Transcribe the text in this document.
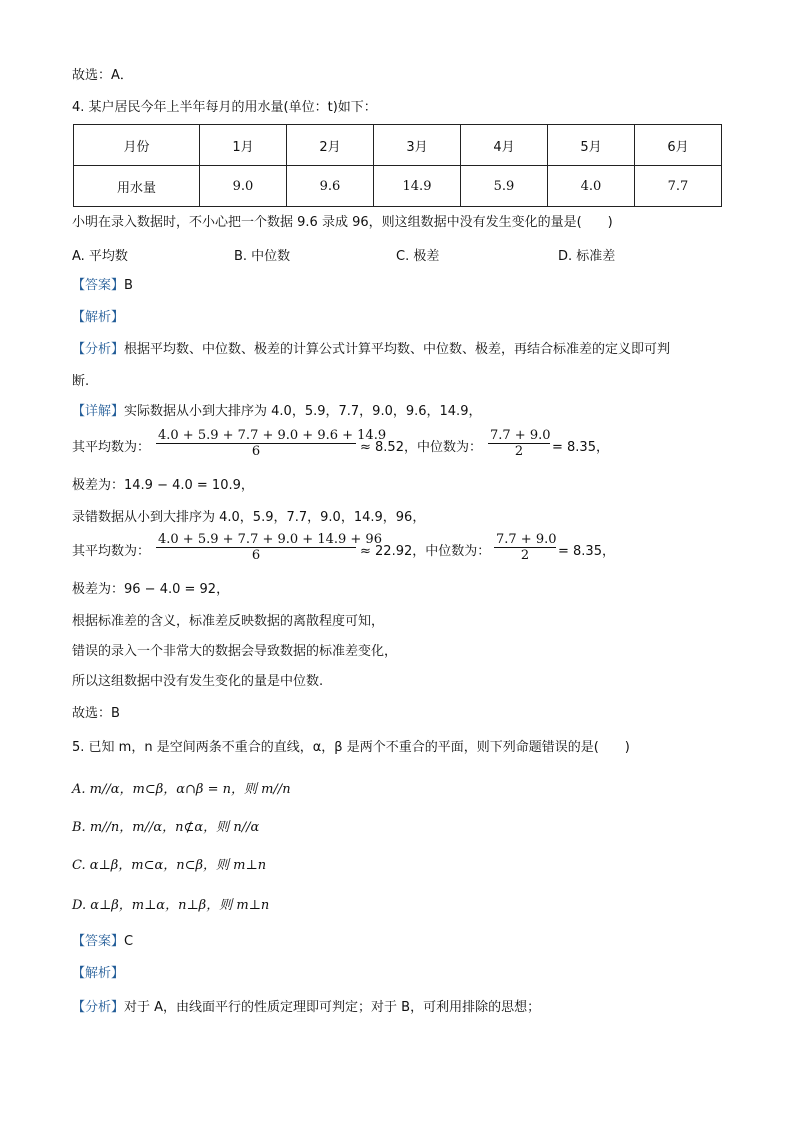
故选：A．
4. 某户居民今年上半年每月的用水量(单位：t)如下：
月份	1月	2月	3月	4月	5月	6月
用水量	9.0	9.6	14.9	5.9	4.0	7.7
小明在录入数据时，不小心把一个数据 9.6 录成 96，则这组数据中没有发生变化的量是(　　)
A. 平均数	B. 中位数	C. 极差	D. 标准差
【答案】B
【解析】
【分析】根据平均数、中位数、极差的计算公式计算平均数、中位数、极差，再结合标准差的定义即可判
断.
【详解】实际数据从小到大排序为 4.0，5.9，7.7，9.0，9.6，14.9，
其平均数为：
4.0 + 5.9 + 7.7 + 9.0 + 9.6 + 14.9
6	≈ 8.52，中位数为：
7.7 + 9.0
2	= 8.35，
极差为：14.9 − 4.0 = 10.9，
录错数据从小到大排序为 4.0，5.9，7.7，9.0，14.9，96，
其平均数为：
4.0 + 5.9 + 7.7 + 9.0 + 14.9 + 96
6	≈ 22.92，中位数为：
7.7 + 9.0
2	= 8.35，
极差为：96 − 4.0 = 92，
根据标准差的含义，标准差反映数据的离散程度可知，
错误的录入一个非常大的数据会导致数据的标准差变化，
所以这组数据中没有发生变化的量是中位数.
故选：B
5. 已知 m，n 是空间两条不重合的直线，α，β 是两个不重合的平面，则下列命题错误的是(　　)
A. m//α，m⊂β，α∩β = n，则 m//n
B. m//n，m//α，n⊄α，则 n//α
C. α⊥β，m⊂α，n⊂β，则 m⊥n
D. α⊥β，m⊥α，n⊥β，则 m⊥n
【答案】C
【解析】
【分析】对于 A，由线面平行的性质定理即可判定；对于 B，可利用排除的思想；
